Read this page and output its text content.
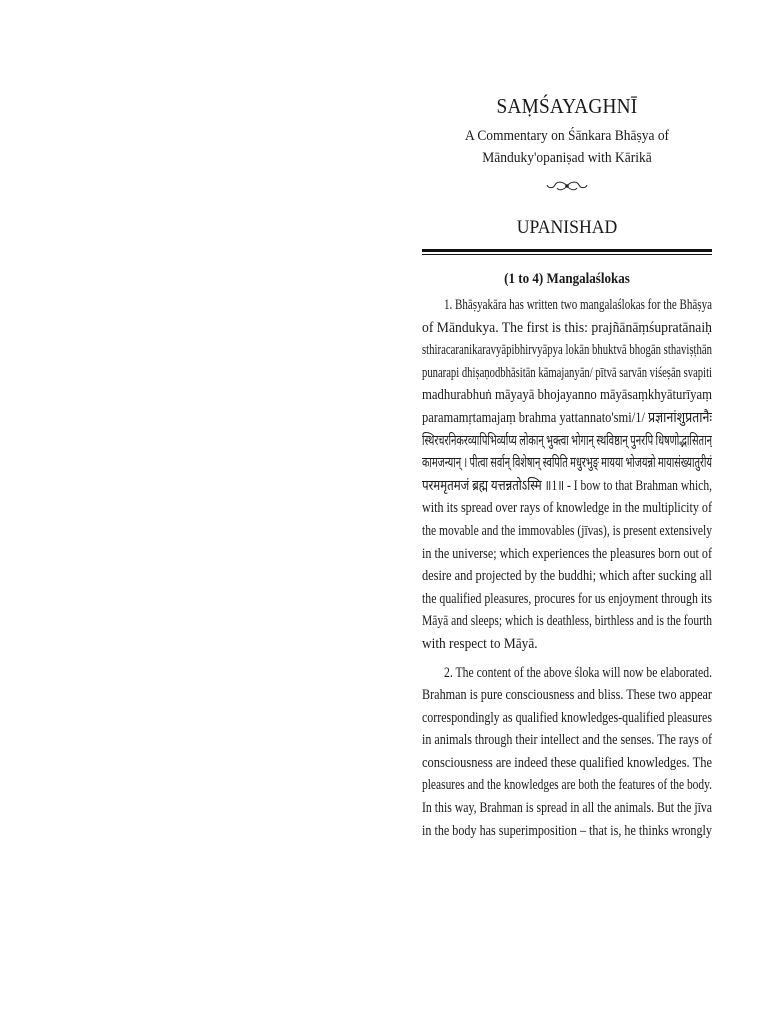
SAṂŚAYAGHNĪ
A Commentary on Śānkara Bhāṣya of
Mānduky'opaniṣad with Kārikā
UPANISHAD
(1 to 4) Mangalaślokas
1. Bhāṣyakāra has written two mangalaślokas for the Bhāṣya
of Māndukya. The first is this: prajñānāṃśupratānaiḥ
sthiracaranikaravyāpibhirvyāpya lokān bhuktvā bhogān sthaviṣṭhān
punarapi dhiṣaṇodbhāsitān kāmajanyān/ pītvā sarvān viśeṣān svapiti
madhurabhuṅ māyayā bhojayanno māyāsaṃkhyāturīyaṃ
paramamṛtamajaṃ brahma yattannato'smi/1/ प्रज्ञानांशुप्रतानैः
स्थिरचरनिकरव्यापिभिर्व्याप्य लोकान् भुक्त्वा भोगान् स्थविष्ठान् पुनरपि धिषणोद्भासितान्
कामजन्यान् । पीत्वा सर्वान् विशेषान् स्वपिति मधुरभुङ् मायया भोजयन्नो मायासंख्यातुरीयं
परममृतमजं ब्रह्म यत्तन्नतोऽस्मि ॥1॥ - I bow to that Brahman which,
with its spread over rays of knowledge in the multiplicity of
the movable and the immovables (jīvas), is present extensively
in the universe; which experiences the pleasures born out of
desire and projected by the buddhi; which after sucking all
the qualified pleasures, procures for us enjoyment through its
Māyā and sleeps; which is deathless, birthless and is the fourth
with respect to Māyā.
2. The content of the above śloka will now be elaborated.
Brahman is pure consciousness and bliss. These two appear
correspondingly as qualified knowledges-qualified pleasures
in animals through their intellect and the senses. The rays of
consciousness are indeed these qualified knowledges. The
pleasures and the knowledges are both the features of the body.
In this way, Brahman is spread in all the animals. But the jīva
in the body has superimposition – that is, he thinks wrongly
